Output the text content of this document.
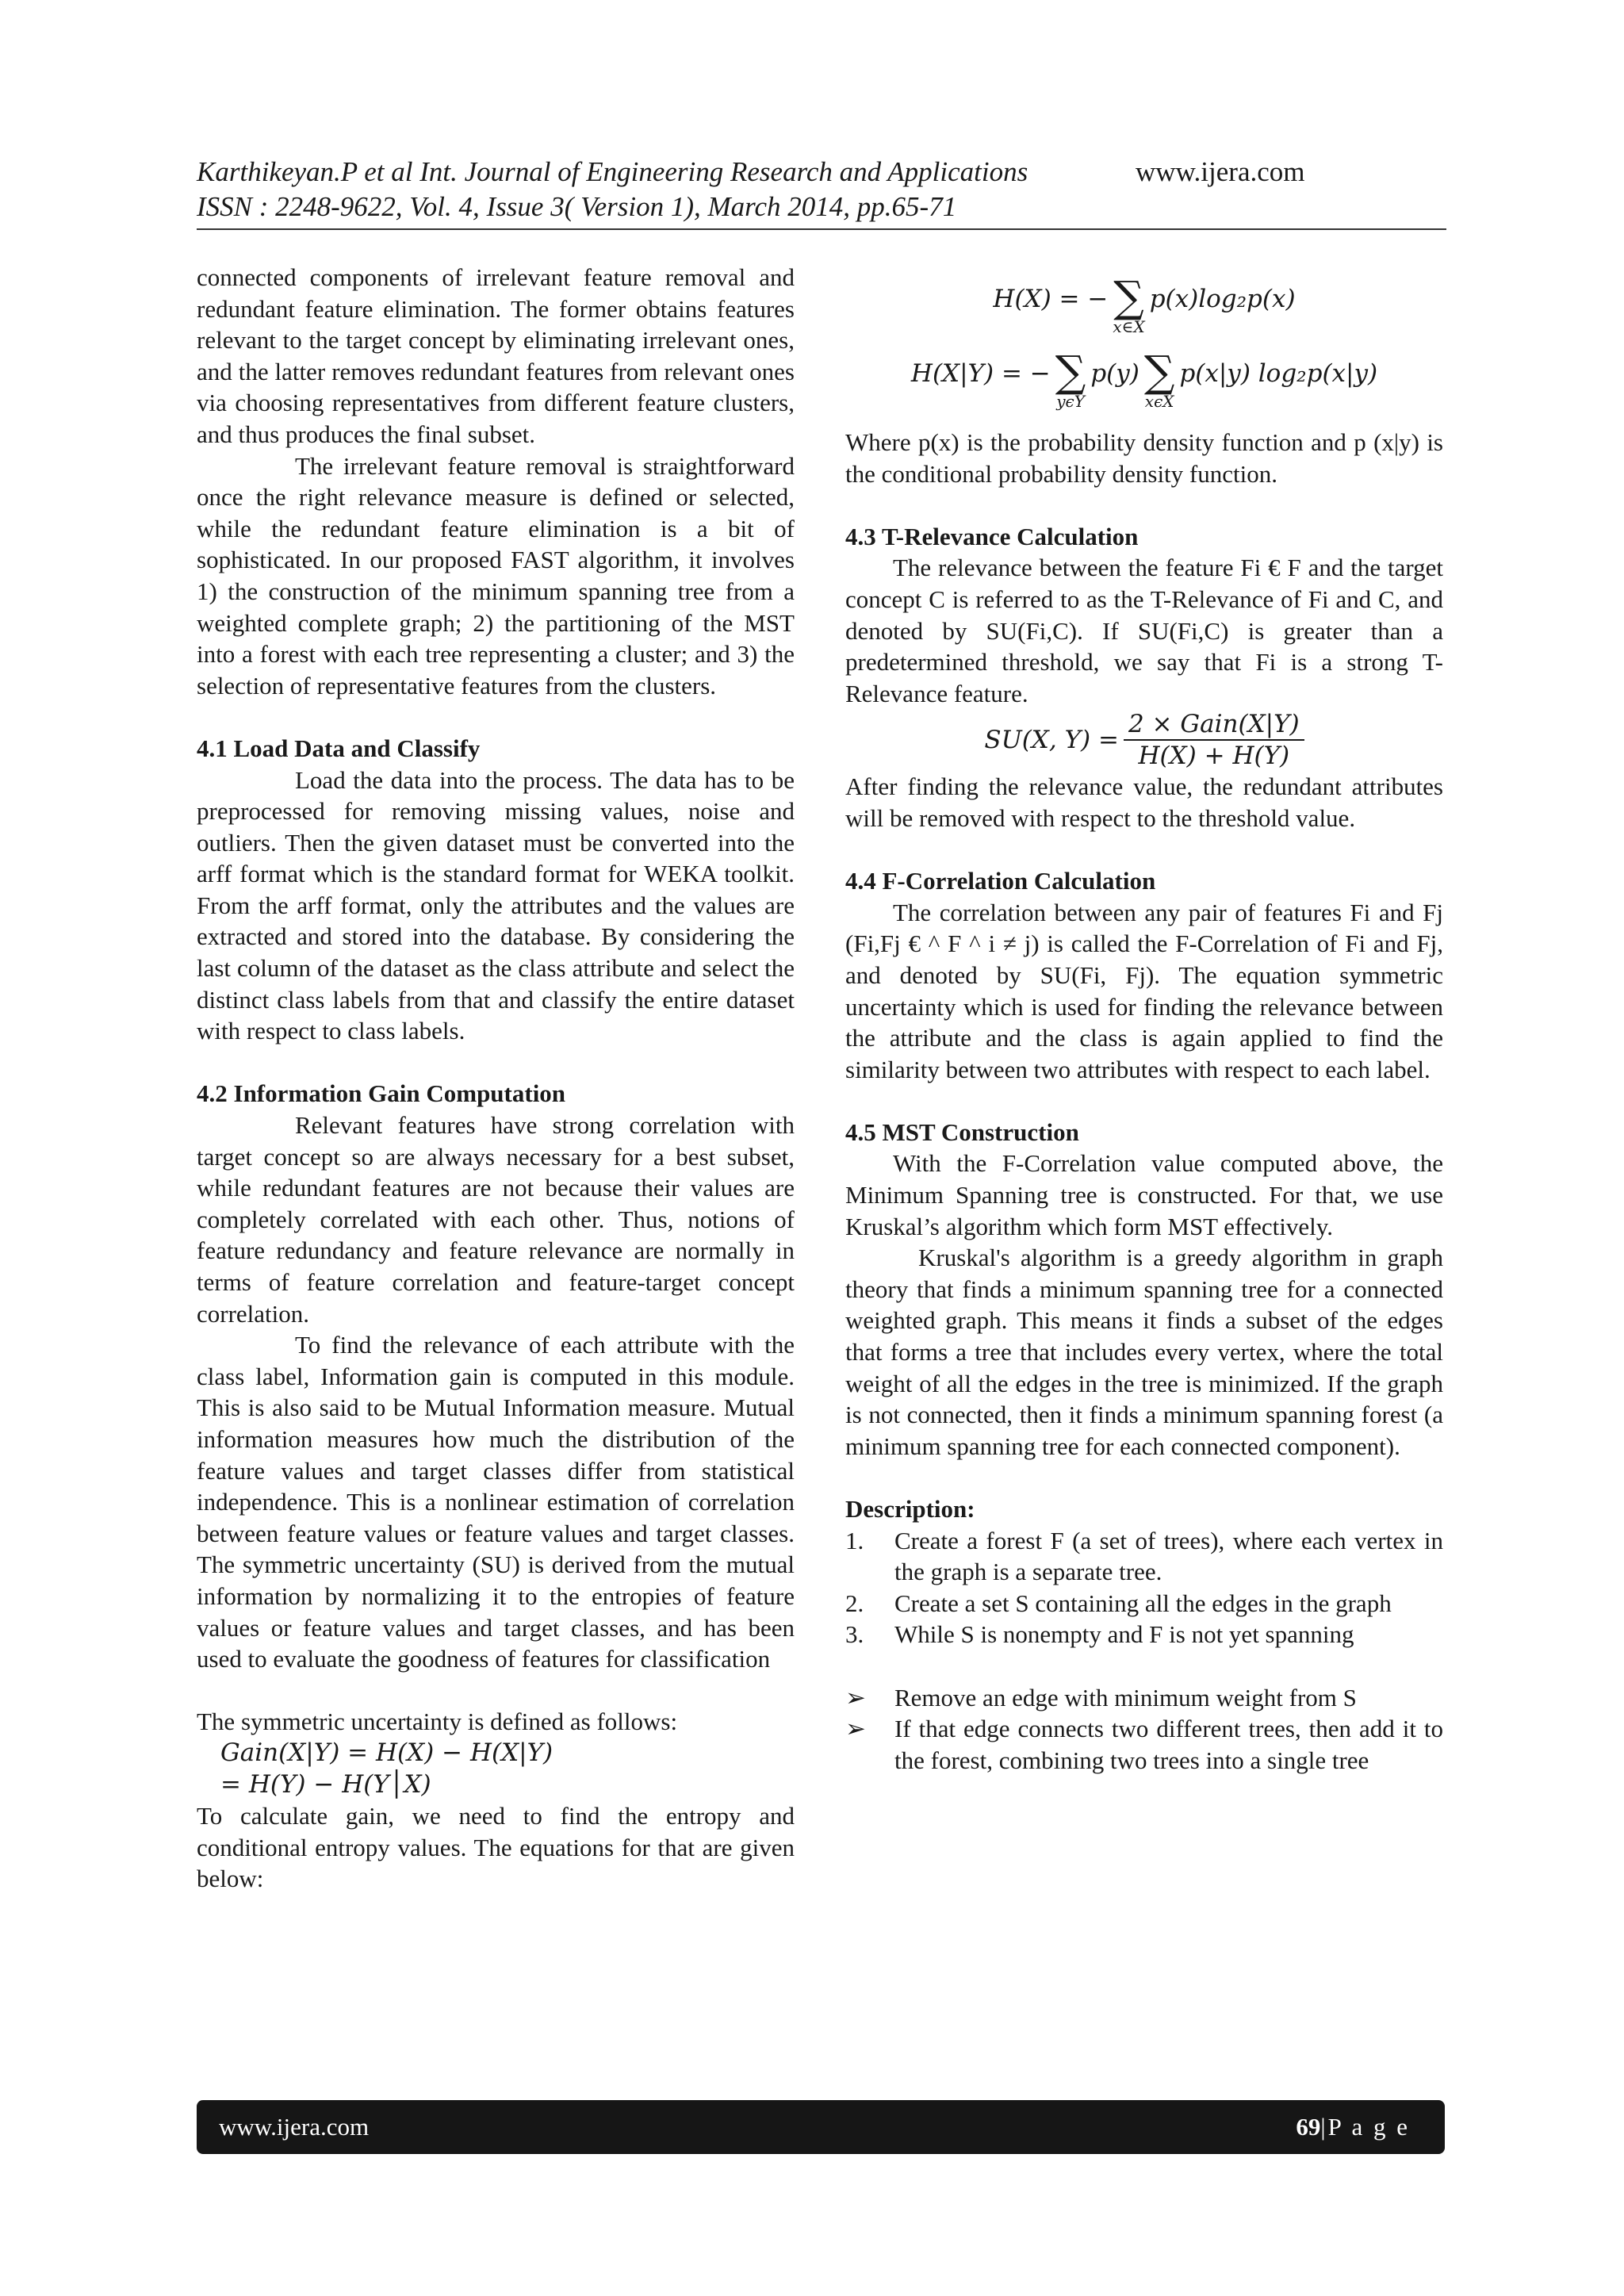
Karthikeyan.P et al Int. Journal of Engineering Research and Applications	www.ijera.com
ISSN : 2248-9622, Vol. 4, Issue 3( Version 1), March 2014, pp.65-71

connected components of irrelevant feature removal and redundant feature elimination. The former obtains features relevant to the target concept by eliminating irrelevant ones, and the latter removes redundant features from relevant ones via choosing representatives from different feature clusters, and thus produces the final subset.

The irrelevant feature removal is straightforward once the right relevance measure is defined or selected, while the redundant feature elimination is a bit of sophisticated. In our proposed FAST algorithm, it involves 1) the construction of the minimum spanning tree from a weighted complete graph; 2) the partitioning of the MST into a forest with each tree representing a cluster; and 3) the selection of representative features from the clusters.

4.1 Load Data and Classify

Load the data into the process. The data has to be preprocessed for removing missing values, noise and outliers. Then the given dataset must be converted into the arff format which is the standard format for WEKA toolkit. From the arff format, only the attributes and the values are extracted and stored into the database. By considering the last column of the dataset as the class attribute and select the distinct class labels from that and classify the entire dataset with respect to class labels.

4.2 Information Gain Computation

Relevant features have strong correlation with target concept so are always necessary for a best subset, while redundant features are not because their values are completely correlated with each other. Thus, notions of feature redundancy and feature relevance are normally in terms of feature correlation and feature-target concept correlation.

To find the relevance of each attribute with the class label, Information gain is computed in this module. This is also said to be Mutual Information measure. Mutual information measures how much the distribution of the feature values and target classes differ from statistical independence. This is a nonlinear estimation of correlation between feature values or feature values and target classes. The symmetric uncertainty (SU) is derived from the mutual information by normalizing it to the entropies of feature values or feature values and target classes, and has been used to evaluate the goodness of features for classification

The symmetric uncertainty is defined as follows:

Gain(X|Y) = H(X) − H(X|Y)

= H(Y) − H(Y│X)

To calculate gain, we need to find the entropy and conditional entropy values. The equations for that are given below:

H(X) = − ∑
x∈X
p(x)log₂p(x)
H(X|Y) = − ∑
yϵY
p(y) ∑
xϵX
p(x|y) log₂p(x|y)

Where p(x) is the probability density function and p (x|y) is the conditional probability density function.

4.3 T-Relevance Calculation

The relevance between the feature Fi € F and the target concept C is referred to as the T-Relevance of Fi and C, and denoted by SU(Fi,C). If SU(Fi,C) is greater than a predetermined threshold, we say that Fi is a strong T-Relevance feature.

SU(X, $Y) = \frac{\text{2 × Gain(X|Y)}}{H(X) + H(Y)}$

After finding the relevance value, the redundant attributes will be removed with respect to the threshold value.

4.4 F-Correlation Calculation

The correlation between any pair of features Fi and Fj (Fi,Fj € ^ F ^ i ≠ j) is called the F-Correlation of Fi and Fj, and denoted by SU(Fi, Fj). The equation symmetric uncertainty which is used for finding the relevance between the attribute and the class is again applied to find the similarity between two attributes with respect to each label.

4.5 MST Construction

With the F-Correlation value computed above, the Minimum Spanning tree is constructed. For that, we use Kruskal’s algorithm which form MST effectively.

Kruskal's algorithm is a greedy algorithm in graph theory that finds a minimum spanning tree for a connected weighted graph. This means it finds a subset of the edges that forms a tree that includes every vertex, where the total weight of all the edges in the tree is minimized. If the graph is not connected, then it finds a minimum spanning forest (a minimum spanning tree for each connected component).

Description:

1. Create a forest F (a set of trees), where each vertex in the graph is a separate tree.
2. Create a set S containing all the edges in the graph
3. While S is nonempty and F is not yet spanning
➢ Remove an edge with minimum weight from S
➢ If that edge connects two different trees, then add it to the forest, combining two trees into a single tree
www.ijera.com	69|P a g e
